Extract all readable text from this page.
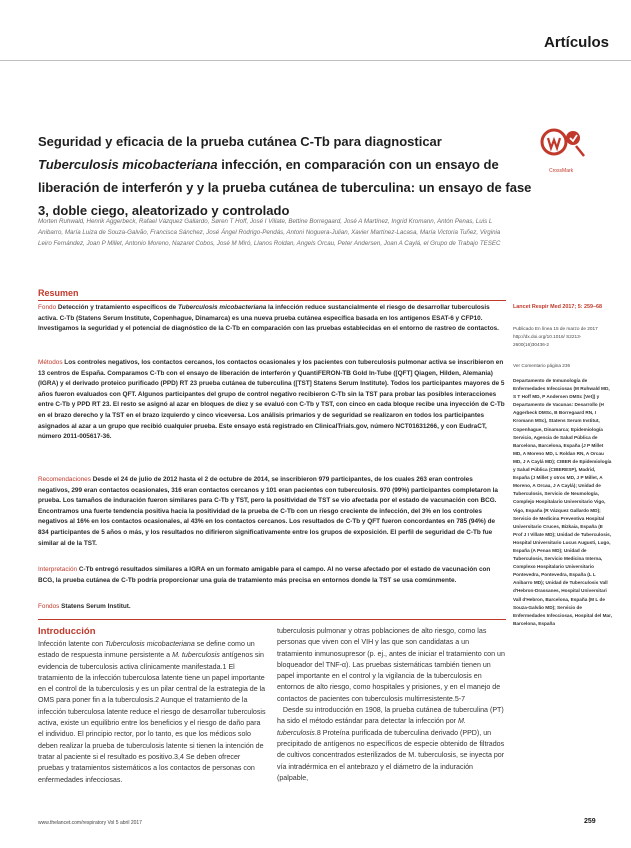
Artículos
Seguridad y eficacia de la prueba cutánea C-Tb para diagnosticar
Tuberculosis micobacteriana infección, en comparación con un ensayo de liberación de interferón y y la prueba cutánea de tuberculina: un ensayo de fase 3, doble ciego, aleatorizado y controlado
CrossMark
Morten Ruhwald, Henrik Aggerbeck, Rafael Vázquez Gallardo, Søren T Hoff, José I Villate, Bettine Borregaard, José A Martínez, Ingrid Kromann, Antón Penas, Luis L Anibarro, María Luiza de Souza-Galvão, Francisca Sánchez, José Ángel Rodrigo-Pendás, Antoni Noguera-Julian, Xavier Martínez-Lacasa, María Victoria Tuñez, Virginia Leiro Fernández, Joan P Millet, Antonio Moreno, Nazaret Cobos, José M Miró, Llanos Roldan, Angels Orcau, Peter Andersen, Joan A Caylá, el Grupo de Trabajo TESEC
Resumen
Fondo Detección y tratamiento específicos de Tuberculosis micobacteriana la infección reduce sustancialmente el riesgo de desarrollar tuberculosis activa. C-Tb (Statens Serum Institute, Copenhague, Dinamarca) es una nueva prueba cutánea específica basada en los antígenos ESAT-6 y CFP10. Investigamos la seguridad y el potencial de diagnóstico de la C-Tb en comparación con las pruebas establecidas en el entorno de rastreo de contactos.
Métodos Los controles negativos, los contactos cercanos, los contactos ocasionales y los pacientes con tuberculosis pulmonar activa se inscribieron en 13 centros de España. Comparamos C-Tb con el ensayo de liberación de interferón y QuantiFERON-TB Gold In-Tube ([QFT] Qiagen, Hilden, Alemania) (IGRA) y el derivado proteico purificado (PPD) RT 23 prueba cutánea de tuberculina ([TST] Statens Serum Institute). Todos los participantes mayores de 5 años fueron evaluados con QFT. Algunos participantes del grupo de control negativo recibieron C-Tb sin la TST para probar las posibles interacciones entre C-Tb y PPD RT 23. El resto se asignó al azar en bloques de diez y se evaluó con C-Tb y TST, con cinco en cada bloque recibe una inyección de C-Tb en el brazo derecho y la TST en el brazo izquierdo y cinco viceversa. Los análisis primarios y de seguridad se realizaron en todos los participantes asignados al azar a un grupo que recibió cualquier prueba. Este ensayo está registrado en ClinicalTrials.gov, número NCT01631266, y con EudraCT, número 2011-005617-36.
Recomendaciones Desde el 24 de julio de 2012 hasta el 2 de octubre de 2014, se inscribieron 979 participantes, de los cuales 263 eran controles negativos, 299 eran contactos ocasionales, 316 eran contactos cercanos y 101 eran pacientes con tuberculosis. 970 (99%) participantes completaron la prueba. Los tamaños de induración fueron similares para C-Tb y TST, pero la positividad de TST se vio afectada por el estado de vacunación con BCG. Encontramos una fuerte tendencia positiva hacia la positividad de la prueba de C-Tb con un riesgo creciente de infección, del 3% en los controles negativos al 16% en los contactos ocasionales, al 43% en los contactos cercanos. Los resultados de C-Tb y QFT fueron concordantes en 785 (94%) de 834 participantes de 5 años o más, y los resultados no difirieron significativamente entre los grupos de exposición. El perfil de seguridad de C-Tb fue similar al de la TST.
Interpretación C-Tb entregó resultados similares a IGRA en un formato amigable para el campo. Al no verse afectado por el estado de vacunación con BCG, la prueba cutánea de C-Tb podría proporcionar una guía de tratamiento más precisa en entornos donde la TST se usa comúnmente.
Fondos Statens Serum Institut.
Lancet Respir Med 2017; 5: 259–68
Publicado En línea 15 de marzo de 2017 http://dx.doi.org/10.1016/ S2213-2600(16)30436-2
Ver Comentario página 236
Departamento de Inmunología de Enfermedades Infecciosas (M Ruhwald MD, S T Hoff MD, P Andersen DMSc [Vet]) y Departamento de Vacunas: Desarrollo (H Aggerbeck DMSc, B Borregaard RN, I Kromann MSc), Statens Serum Institut, Copenhague, Dinamarca; Epidemiología Servicio, Agencia de Salud Pública de Barcelona, Barcelona, España (J P Millet MD, A Moreno MD, L Roldan RN, A Orcau MD, J A Caylá MD); CIBER de Epidemiología y Salud Pública (CIBERESP), Madrid, España (J Millet y otros MD, J P Millet, A Moreno, A Orcau, J A Caylá); Unidad de Tuberculosis, Servicio de Neumología, Complejo Hospitalario Universitario Vigo, Vigo, España (R Vázquez Gallardo MD); Servicio de Medicina Preventiva Hospital Universitario Cruces, Bizkaia, España (E Prof J I Villate MD); Unidad de Tuberculosis, Hospital Universitario Lucus Augusti, Lugo, España (A Penas MD); Unidad de Tuberculosis, Servicio Medicina Interna, Complexo Hospitalario Universitario Pontevedra, Pontevedra, España (L L Anibarro MD); Unidad de Tuberculosis Vall d'Hebron-Drassanes, Hospital Universitari Vall d'Hebron, Barcelona, España (M L de Souza-Galvão MD); Servicio de Enfermedades Infecciosas, Hospital del Mar, Barcelona, España
Introducción
Infección latente con Tuberculosis micobacteriana se define como un estado de respuesta inmune persistente a M. tuberculosis antígenos sin evidencia de tuberculosis activa clínicamente manifestada.1 El tratamiento de la infección tuberculosa latente tiene un papel importante en el control de la tuberculosis y es un pilar central de la estrategia de la OMS para poner fin a la tuberculosis.2 Aunque el tratamiento de la infección tuberculosa latente reduce el riesgo de desarrollar tuberculosis activa, existe un equilibrio entre los beneficios y el riesgo de daño para el individuo. El principio rector, por lo tanto, es que los médicos solo deben realizar la prueba de tuberculosis latente si tienen la intención de tratar al paciente si el resultado es positivo.3,4 Se deben ofrecer pruebas y tratamientos sistemáticos a los contactos de personas con enfermedades infecciosas.
tuberculosis pulmonar y otras poblaciones de alto riesgo, como las personas que viven con el VIH y las que son candidatas a un tratamiento inmunosupresor (p. ej., antes de iniciar el tratamiento con un bloqueador del TNF-α). Las pruebas sistemáticas también tienen un papel importante en el control y la vigilancia de la tuberculosis en entornos de alto riesgo, como hospitales y prisiones, y en el manejo de contactos de pacientes con tuberculosis multirresistente.5-7
Desde su introducción en 1908, la prueba cutánea de tuberculina (PT) ha sido el método estándar para detectar la infección por M. tuberculosis.8 Proteína purificada de tuberculina derivado (PPD), un precipitado de antígenos no específicos de especie obtenido de filtrados de cultivos concentrados esterilizados de M. tuberculosis, se inyecta por vía intradérmica en el antebrazo y el diámetro de la induración (palpable,
www.thelancet.com/respiratory Vol 5 abril 2017	259
